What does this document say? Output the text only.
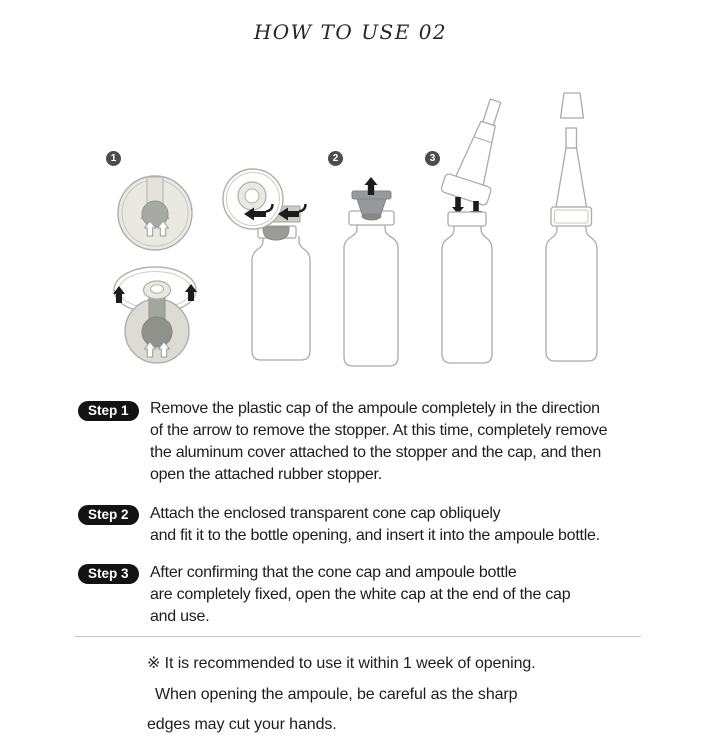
HOW TO USE 02
1	2	3
Step 1	Remove the plastic cap of the ampoule completely in the direction
of the arrow to remove the stopper. At this time, completely remove
the aluminum cover attached to the stopper and the cap, and then
open the attached rubber stopper.
Step 2	Attach the enclosed transparent cone cap obliquely
and fit it to the bottle opening, and insert it into the ampoule bottle.
Step 3	After confirming that the cone cap and ampoule bottle
are completely fixed, open the white cap at the end of the cap
and use.
※ It is recommended to use it within 1 week of opening.
When opening the ampoule, be careful as the sharp
edges may cut your hands.
